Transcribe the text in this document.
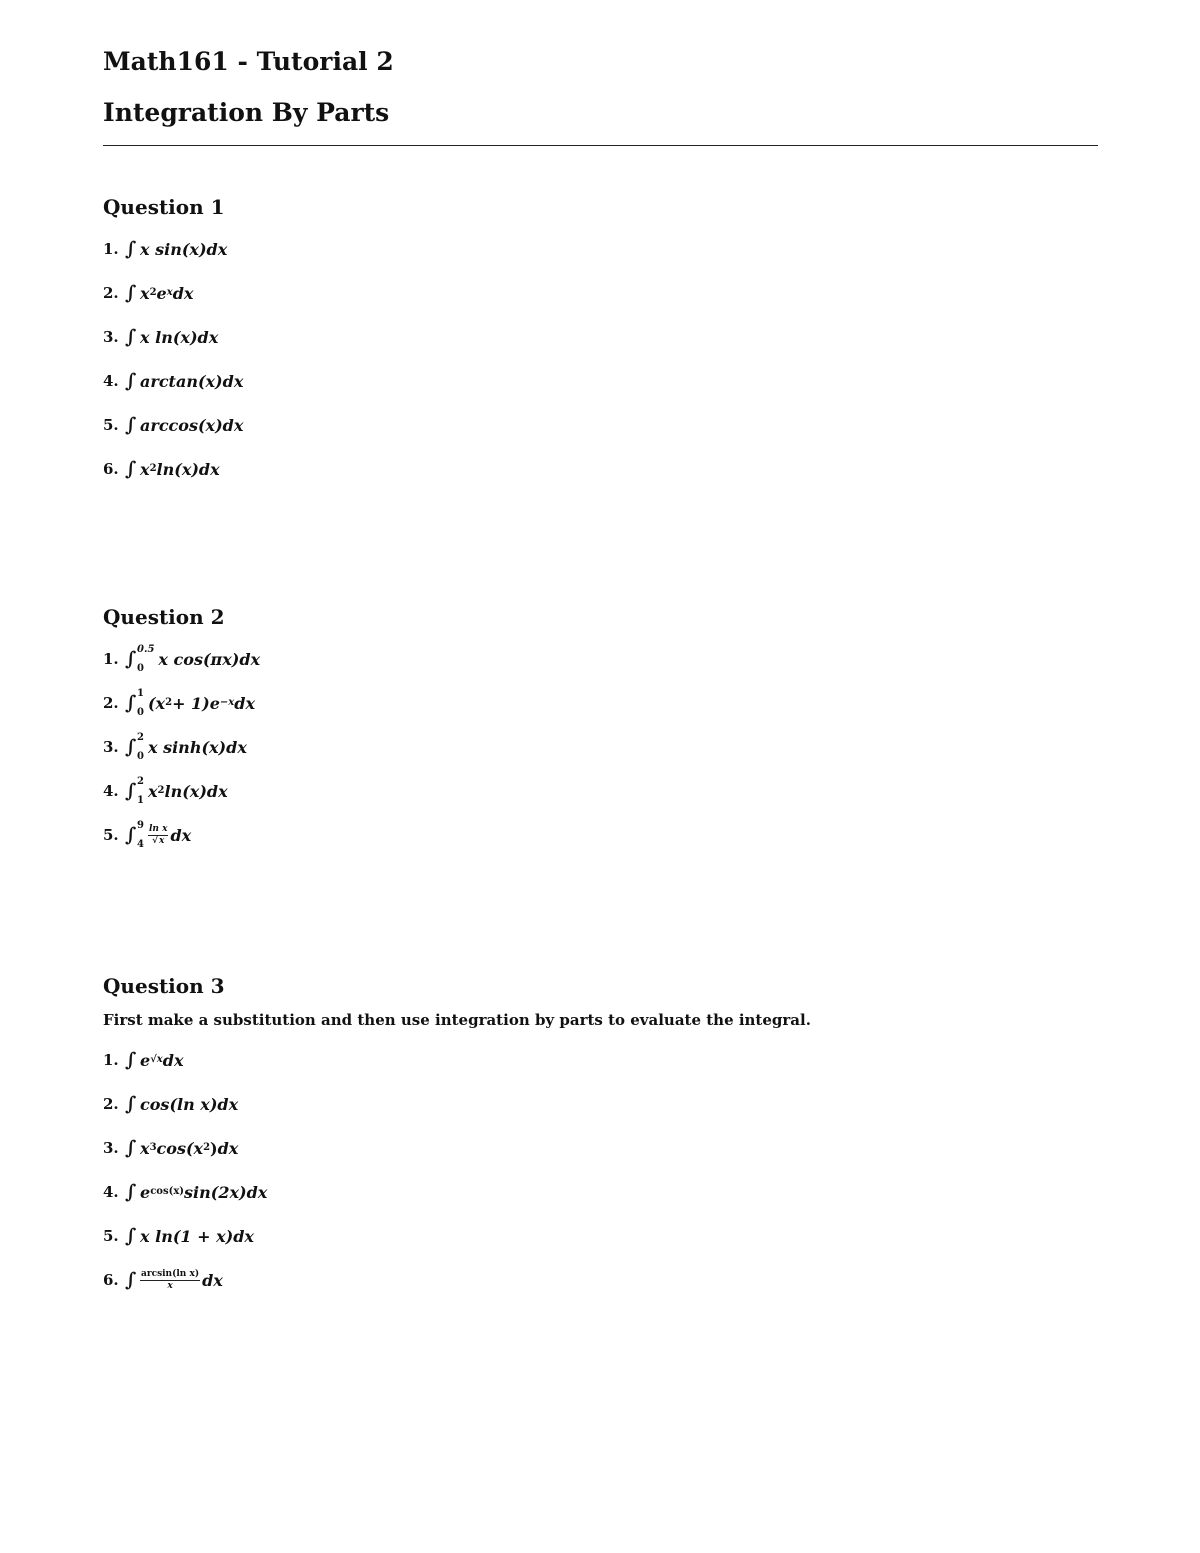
Math161 - Tutorial 2
Integration By Parts
Question 1
1. ∫ x sin(x) dx
2. ∫ x 2 e x dx
3. ∫ x ln(x) dx
4. ∫ arctan(x) dx
5. ∫ arccos(x) dx
6. ∫ x 2 ln(x) dx
Question 2
1. ∫ 0.5
0 x cos(πx) dx
2. ∫ 1
0 (x 2 + 1)e −x dx
3. ∫ 2
0 x sinh(x) dx
4. ∫ 2
1 x 2 ln(x) dx
5. ∫ 9
$4 \frac{\text{ln x}}{√x}$ dx
Question 3

First make a substitution and then use integration by parts to evaluate the integral.

1. ∫ e √x dx
2. ∫ cos(ln x) dx
3. ∫ x 3 cos(x 2 ) dx
4. ∫ e cos(x) sin(2x) dx
5. ∫ x ln(1 + x) dx
6. ∫ $\frac{\text{arcsin(ln x)}}{x}$ dx
